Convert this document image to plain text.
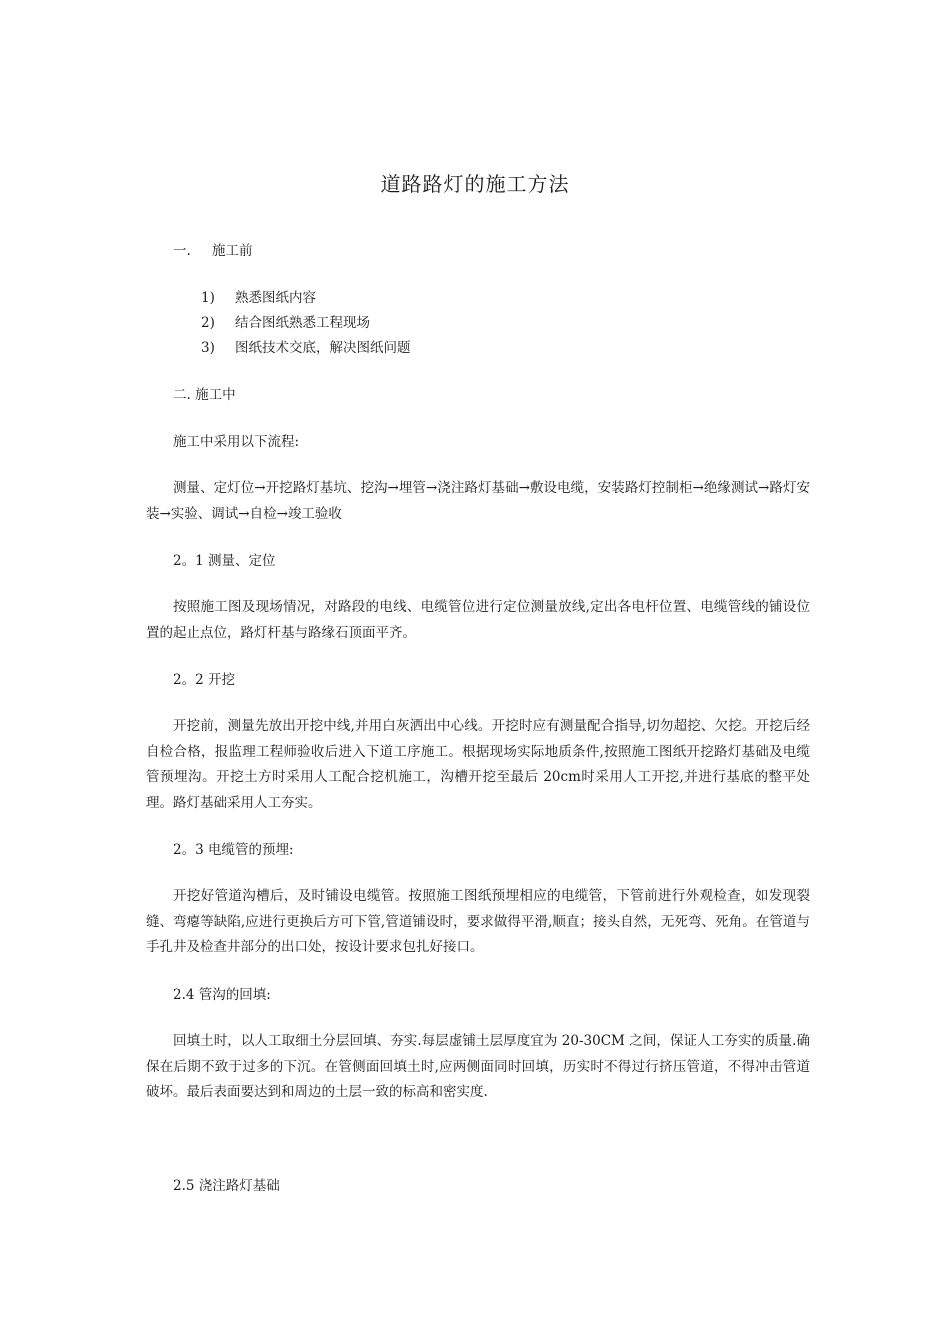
道路路灯的施工方法
一. 施工前
1) 熟悉图纸内容
2) 结合图纸熟悉工程现场
3) 图纸技术交底，解决图纸问题
二. 施工中
施工中采用以下流程:
测量、定灯位→开挖路灯基坑、挖沟→埋管→浇注路灯基础→敷设电缆，安装路灯控制柜→绝缘测试→路灯安装→实验、调试→自检→竣工验收
2。1 测量、定位
按照施工图及现场情况，对路段的电线、电缆管位进行定位测量放线,定出各电杆位置、电缆管线的铺设位置的起止点位，路灯杆基与路缘石顶面平齐。
2。2 开挖
开挖前，测量先放出开挖中线,并用白灰洒出中心线。开挖时应有测量配合指导,切勿超挖、欠挖。开挖后经自检合格，报监理工程师验收后进入下道工序施工。根据现场实际地质条件,按照施工图纸开挖路灯基础及电缆管预埋沟。开挖土方时采用人工配合挖机施工，沟槽开挖至最后 20cm时采用人工开挖,并进行基底的整平处理。路灯基础采用人工夯实。
2。3 电缆管的预埋:
开挖好管道沟槽后，及时铺设电缆管。按照施工图纸预埋相应的电缆管，下管前进行外观检查，如发现裂缝、弯瘪等缺陷,应进行更换后方可下管,管道铺设时，要求做得平滑,顺直；接头自然，无死弯、死角。在管道与手孔井及检查井部分的出口处，按设计要求包扎好接口。
2.4 管沟的回填:
回填土时，以人工取细土分层回填、夯实.每层虚铺土层厚度宜为 20-30CM 之间，保证人工夯实的质量.确保在后期不致于过多的下沉。在管侧面回填土时,应两侧面同时回填，历实时不得过行挤压管道，不得冲击管道破坏。最后表面要达到和周边的土层一致的标高和密实度.
2.5 浇注路灯基础
